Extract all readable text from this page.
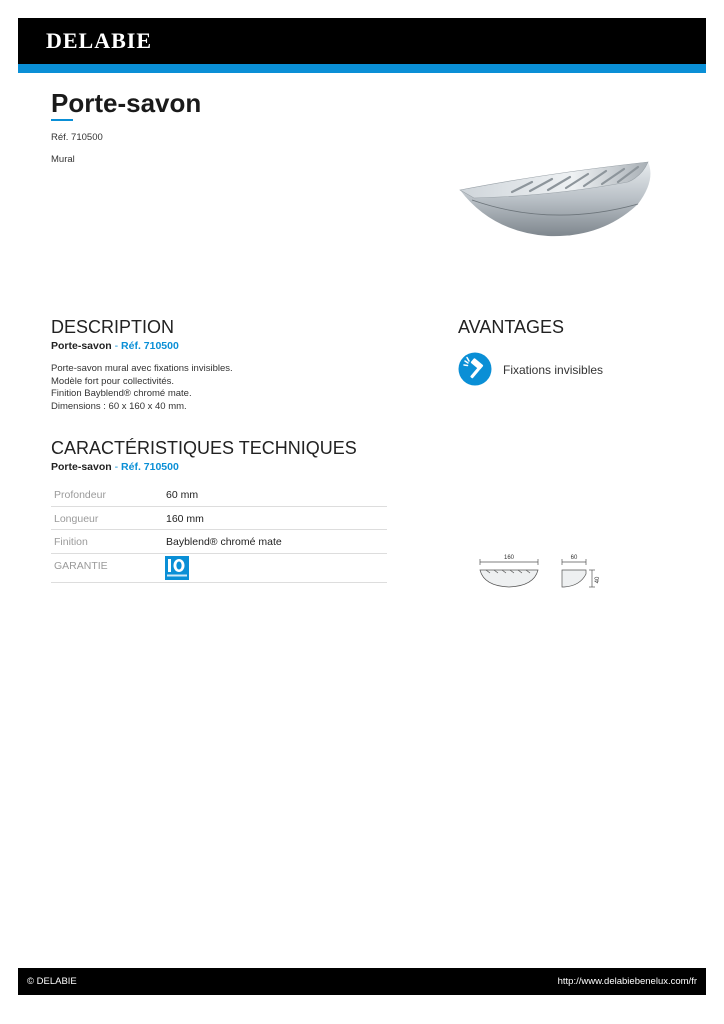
DELABIE
Porte-savon
Réf. 710500
Mural
DESCRIPTION
Porte-savon - Réf. 710500
Porte-savon mural avec fixations invisibles.
Modèle fort pour collectivités.
Finition Bayblend® chromé mate.
Dimensions : 60 x 160 x 40 mm.
AVANTAGES
Fixations invisibles
CARACTÉRISTIQUES TECHNIQUES
Porte-savon - Réf. 710500
Profondeur	60 mm
Longueur	160 mm
Finition	Bayblend® chromé mate
GARANTIE
160	60
40
© DELABIE	http://www.delabiebenelux.com/fr
